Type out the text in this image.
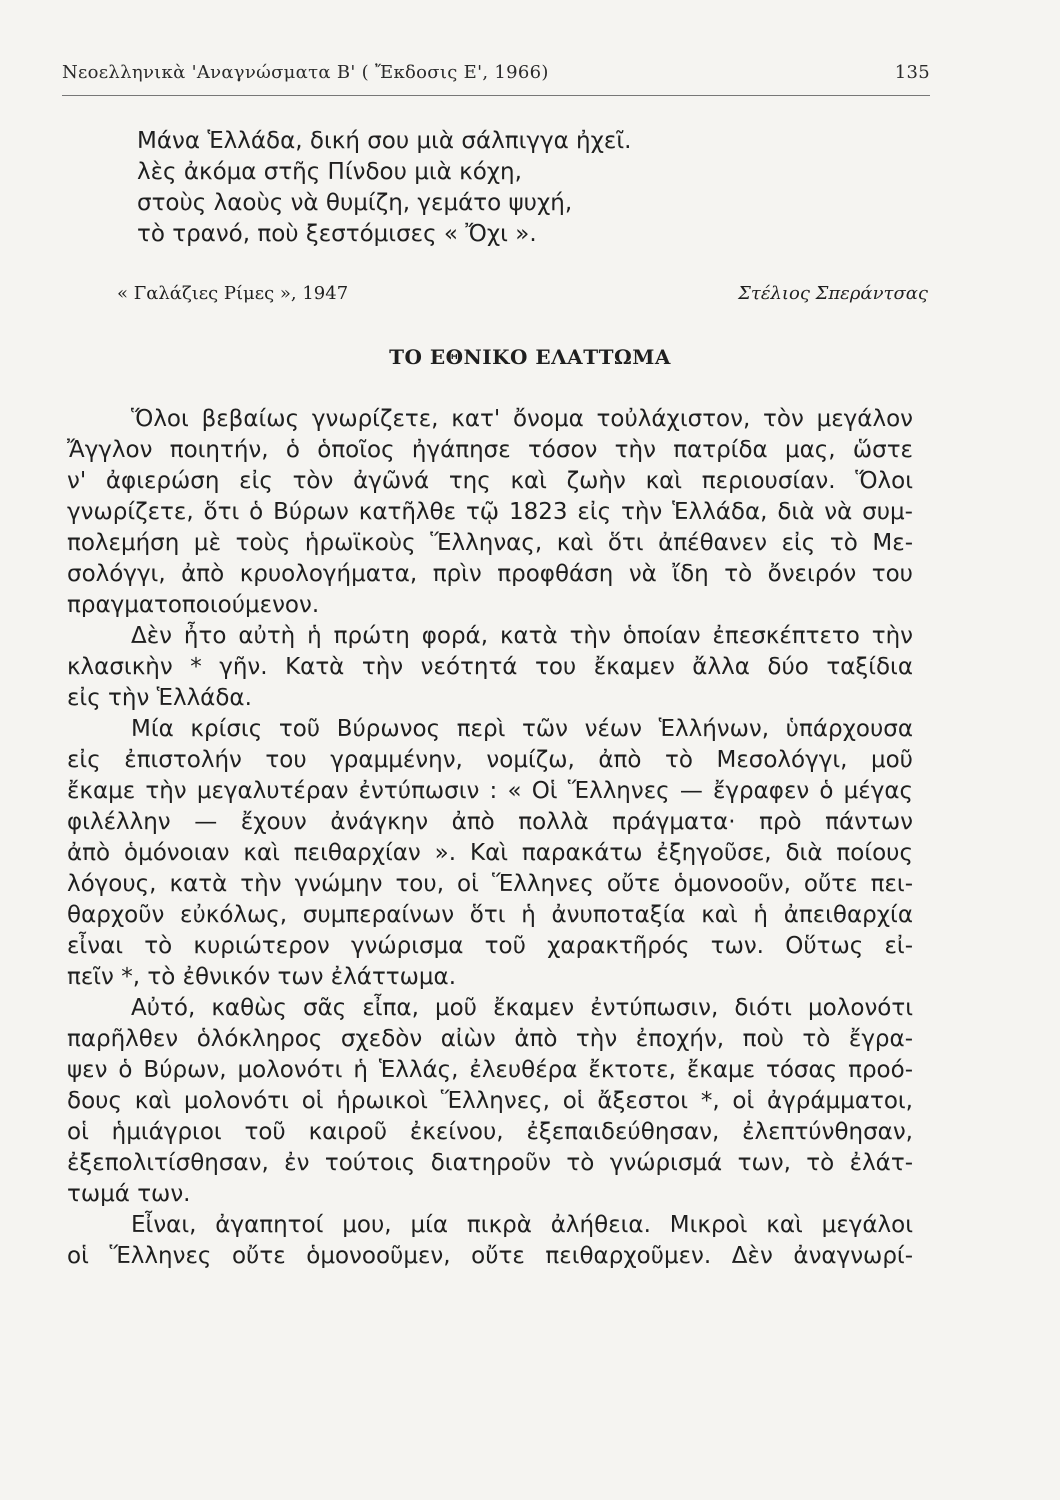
Νεοελληνικὰ 'Αναγνώσματα Β' ( Ἔκδοσις Ε', 1966)	135
Μάνα Ἑλλάδα, δική σου μιὰ σάλπιγγα ἠχεῖ.
λὲς ἀκόμα στῆς Πίνδου μιὰ κόχη,
στοὺς λαοὺς νὰ θυμίζη, γεμάτο ψυχή,
τὸ τρανό, ποὺ ξεστόμισες « Ὄχι ».
« Γαλάζιες Ρίμες », 1947	Στέλιος Σπεράντσας
ΤΟ ΕΘΝΙΚΟ ΕΛΑΤΤΩΜΑ
Ὅλοι βεβαίως γνωρίζετε, κατ' ὄνομα τοὐλάχιστον, τὸν μεγάλον
Ἄγγλον ποιητήν, ὁ ὁποῖος ἠγάπησε τόσον τὴν πατρίδα μας, ὥστε
ν' ἀφιερώση εἰς τὸν ἀγῶνά της καὶ ζωὴν καὶ περιουσίαν. Ὅλοι
γνωρίζετε, ὅτι ὁ Βύρων κατῆλθε τῷ 1823 εἰς τὴν Ἑλλάδα, διὰ νὰ συμ-
πολεμήση μὲ τοὺς ἡρωϊκοὺς Ἕλληνας, καὶ ὅτι ἀπέθανεν εἰς τὸ Με-
σολόγγι, ἀπὸ κρυολογήματα, πρὶν προφθάση νὰ ἴδη τὸ ὄνειρόν του
πραγματοποιούμενον.
Δὲν ἦτο αὐτὴ ἡ πρώτη φορά, κατὰ τὴν ὁποίαν ἐπεσκέπτετο τὴν
κλασικὴν * γῆν. Κατὰ τὴν νεότητά του ἔκαμεν ἄλλα δύο ταξίδια
εἰς τὴν Ἑλλάδα.
Μία κρίσις τοῦ Βύρωνος περὶ τῶν νέων Ἑλλήνων, ὑπάρχουσα
εἰς ἐπιστολήν του γραμμένην, νομίζω, ἀπὸ τὸ Μεσολόγγι, μοῦ
ἔκαμε τὴν μεγαλυτέραν ἐντύπωσιν : « Οἱ Ἕλληνες — ἔγραφεν ὁ μέγας
φιλέλλην — ἔχουν ἀνάγκην ἀπὸ πολλὰ πράγματα· πρὸ πάντων
ἀπὸ ὁμόνοιαν καὶ πειθαρχίαν ». Καὶ παρακάτω ἐξηγοῦσε, διὰ ποίους
λόγους, κατὰ τὴν γνώμην του, οἱ Ἕλληνες οὔτε ὁμονοοῦν, οὔτε πει-
θαρχοῦν εὐκόλως, συμπεραίνων ὅτι ἡ ἀνυποταξία καὶ ἡ ἀπειθαρχία
εἶναι τὸ κυριώτερον γνώρισμα τοῦ χαρακτῆρός των. Οὕτως εἰ-
πεῖν *, τὸ ἐθνικόν των ἐλάττωμα.
Αὐτό, καθὼς σᾶς εἶπα, μοῦ ἔκαμεν ἐντύπωσιν, διότι μολονότι
παρῆλθεν ὁλόκληρος σχεδὸν αἰὼν ἀπὸ τὴν ἐποχήν, ποὺ τὸ ἔγρα-
ψεν ὁ Βύρων, μολονότι ἡ Ἑλλάς, ἐλευθέρα ἔκτοτε, ἔκαμε τόσας προό-
δους καὶ μολονότι οἱ ἡρωικοὶ Ἕλληνες, οἱ ἄξεστοι *, οἱ ἀγράμματοι,
οἱ ἡμιάγριοι τοῦ καιροῦ ἐκείνου, ἐξεπαιδεύθησαν, ἐλεπτύνθησαν,
ἐξεπολιτίσθησαν, ἐν τούτοις διατηροῦν τὸ γνώρισμά των, τὸ ἐλάτ-
τωμά των.
Εἶναι, ἀγαπητοί μου, μία πικρὰ ἀλήθεια. Μικροὶ καὶ μεγάλοι
οἱ Ἕλληνες οὔτε ὁμονοοῦμεν, οὔτε πειθαρχοῦμεν. Δὲν ἀναγνωρί-
